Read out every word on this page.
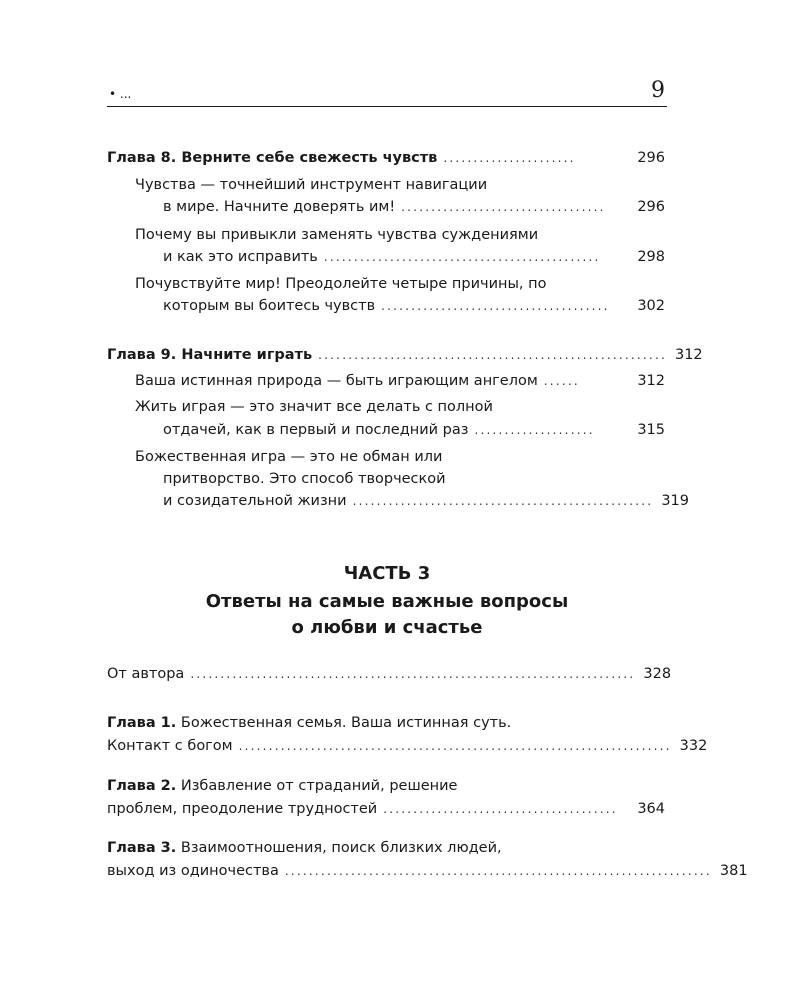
• ...	9
Глава 8. Верните себе свежесть чувств ......................	296
Чувства — точнейший инструмент навигации
в мире. Начните доверять им! ..................................	296
Почему вы привыкли заменять чувства суждениями
и как это исправить ..............................................	298
Почувствуйте мир! Преодолейте четыре причины, по
которым вы боитесь чувств ......................................	302
Глава 9. Начните играть .......................................................... 312
Ваша истинная природа — быть играющим ангелом ......	312
Жить играя — это значит все делать с полной
отдачей, как в первый и последний раз ....................	315
Божественная игра — это не обман или
притворство. Это способ творческой
и созидательной жизни .................................................. 319
ЧАСТЬ 3
Ответы на самые важные вопросы
о любви и счастье
От автора .......................................................................... 328
Глава 1. Божественная семья. Ваша истинная суть.
Контакт с богом ........................................................................ 332
Глава 2. Избавление от страданий, решение
проблем, преодоление трудностей .......................................	364
Глава 3. Взаимоотношения, поиск близких людей,
выход из одиночества ....................................................................... 381
